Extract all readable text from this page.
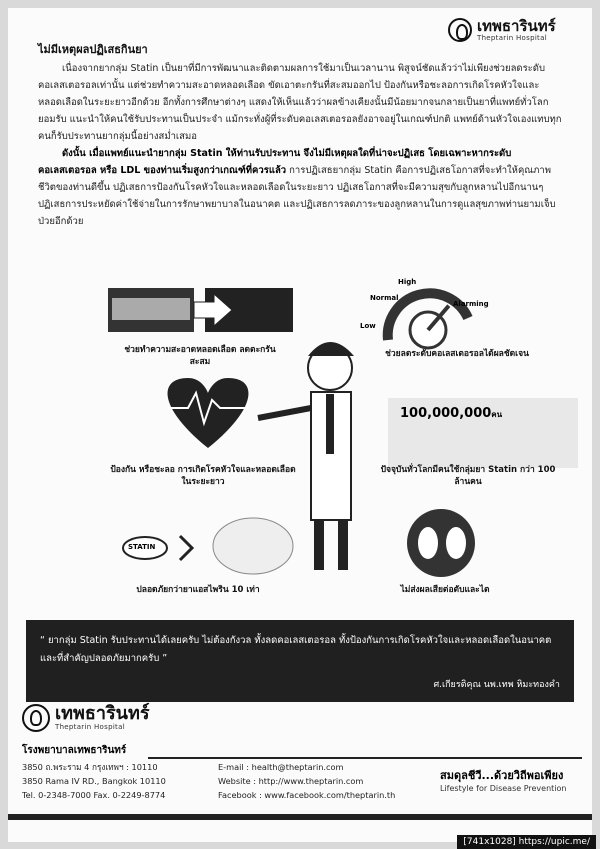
เทพธารินทร์
Theptarin Hospital
ไม่มีเหตุผลปฏิเสธกินยา
เนื่องจากยากลุ่ม Statin เป็นยาที่มีการพัฒนาและติดตามผลการใช้มาเป็นเวลานาน พิสูจน์ชัดแล้วว่าไม่เพียงช่วยลดระดับคอเลสเตอรอลเท่านั้น แต่ช่วยทำความสะอาดหลอดเลือด ขัดเอาตะกรันที่สะสมออกไป ป้องกันหรือชะลอการเกิดโรคหัวใจและหลอดเลือดในระยะยาวอีกด้วย อีกทั้งการศึกษาต่างๆ แสดงให้เห็นแล้วว่าผลข้างเคียงนั้นมีน้อยมากจนกลายเป็นยาที่แพทย์ทั่วโลกยอมรับ แนะนำให้คนใช้รับประทานเป็นประจำ แม้กระทั่งผู้ที่ระดับคอเลสเตอรอลยังอาจอยู่ในเกณฑ์ปกติ แพทย์ด้านหัวใจเองแทบทุกคนก็รับประทานยากลุ่มนี้อย่างสม่ำเสมอ
ดังนั้น เมื่อแพทย์แนะนำยากลุ่ม Statin ให้ท่านรับประทาน จึงไม่มีเหตุผลใดที่น่าจะปฏิเสธ โดยเฉพาะหากระดับคอเลสเตอรอล หรือ LDL ของท่านเริ่มสูงกว่าเกณฑ์ที่ควรแล้ว การปฏิเสธยากลุ่ม Statin คือการปฏิเสธโอกาสที่จะทำให้คุณภาพชีวิตของท่านดีขึ้น ปฏิเสธการป้องกันโรคหัวใจและหลอดเลือดในระยะยาว ปฏิเสธโอกาสที่จะมีความสุขกับลูกหลานไปอีกนานๆ ปฏิเสธการประหยัดค่าใช้จ่ายในการรักษาพยาบาลในอนาคต และปฏิเสธการลดภาระของลูกหลานในการดูแลสุขภาพท่านยามเจ็บป่วยอีกด้วย
High
Normal
Low
Alarming
ช่วยทำความสะอาดหลอดเลือด ลดตะกรันสะสม
ช่วยลดระดับคอเลสเตอรอลได้ผลชัดเจน
ป้องกัน หรือชะลอ การเกิดโรคหัวใจและหลอดเลือดในระยะยาว
100,000,000คน
ปัจจุบันทั่วโลกมีคนใช้กลุ่มยา Statin กว่า 100 ล้านคน
STATIN
ปลอดภัยกว่ายาแอสไพริน 10 เท่า	ไม่ส่งผลเสียต่อตับและไต
“ ยากลุ่ม Statin รับประทานได้เลยครับ ไม่ต้องกังวล ทั้งลดคอเลสเตอรอล ทั้งป้องกันการเกิดโรคหัวใจและหลอดเลือดในอนาคต และที่สำคัญปลอดภัยมากครับ ”
ศ.เกียรติคุณ นพ.เทพ หิมะทองคำ
เทพธารินทร์
Theptarin Hospital
โรงพยาบาลเทพธารินทร์
3850 ถ.พระราม 4 กรุงเทพฯ : 10110
3850 Rama IV RD., Bangkok 10110
Tel. 0-2348-7000 Fax. 0-2249-8774
E-mail : health@theptarin.com
Website : http://www.theptarin.com
Facebook : www.facebook.com/theptarin.th
สมดุลชีวี...ด้วยวิถีพอเพียง
Lifestyle for Disease Prevention
[741x1028] https://upic.me/
